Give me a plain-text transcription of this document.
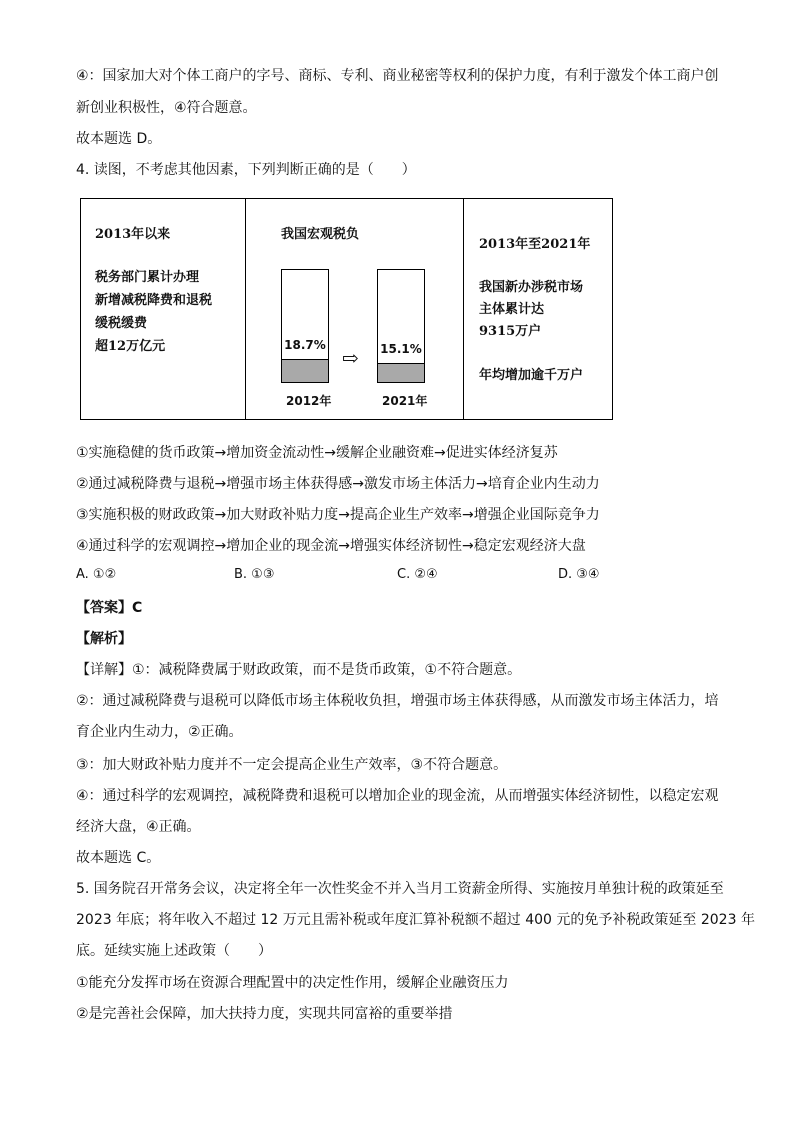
④：国家加大对个体工商户的字号、商标、专利、商业秘密等权利的保护力度，有利于激发个体工商户创
新创业积极性，④符合题意。
故本题选 D。
4. 读图，不考虑其他因素，下列判断正确的是（　　）
2013年以来
税务部门累计办理
新增减税降费和退税
缓税缓费
超12万亿元
我国宏观税负
18.7%
⇨ 15.1%
2012年	2021年
2013年至2021年
我国新办涉税市场
主体累计达
9315万户
年均增加逾千万户
①实施稳健的货币政策→增加资金流动性→缓解企业融资难→促进实体经济复苏
②通过减税降费与退税→增强市场主体获得感→激发市场主体活力→培育企业内生动力
③实施积极的财政政策→加大财政补贴力度→提高企业生产效率→增强企业国际竞争力
④通过科学的宏观调控→增加企业的现金流→增强实体经济韧性→稳定宏观经济大盘
A. ①②	B. ①③	C. ②④	D. ③④
【答案】C
【解析】
【详解】①：减税降费属于财政政策，而不是货币政策，①不符合题意。
②：通过减税降费与退税可以降低市场主体税收负担，增强市场主体获得感，从而激发市场主体活力，培
育企业内生动力，②正确。
③：加大财政补贴力度并不一定会提高企业生产效率，③不符合题意。
④：通过科学的宏观调控，减税降费和退税可以增加企业的现金流，从而增强实体经济韧性，以稳定宏观
经济大盘，④正确。
故本题选 C。
5. 国务院召开常务会议，决定将全年一次性奖金不并入当月工资薪金所得、实施按月单独计税的政策延至
2023 年底；将年收入不超过 12 万元且需补税或年度汇算补税额不超过 400 元的免予补税政策延至 2023 年
底。延续实施上述政策（　　）
①能充分发挥市场在资源合理配置中的决定性作用，缓解企业融资压力
②是完善社会保障，加大扶持力度，实现共同富裕的重要举措
